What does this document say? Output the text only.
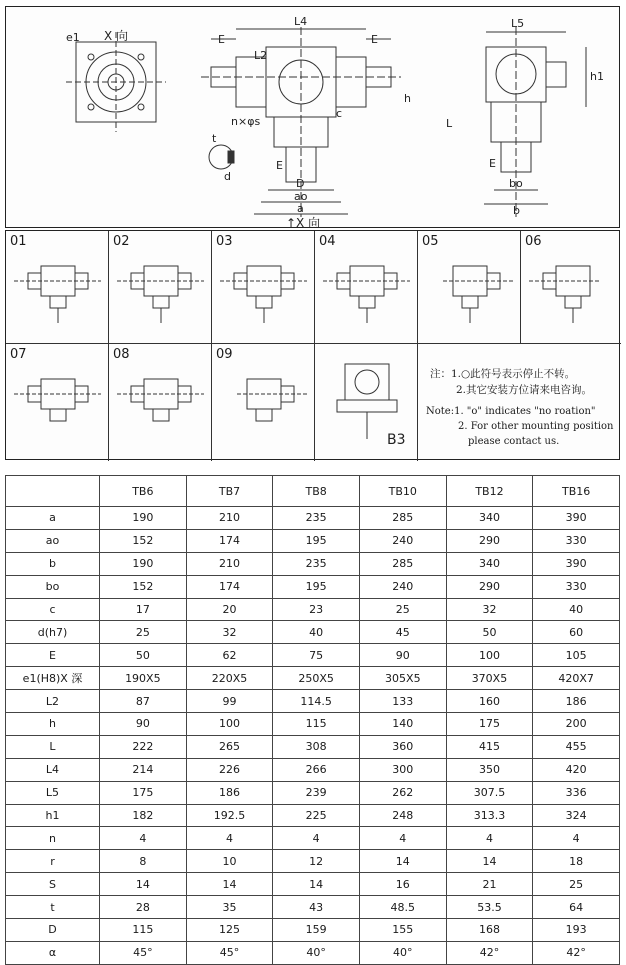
e1 X 向	E
L4
E
L2
h
c
n×φs
t
d
E
D
ao
a
↑X 向
L5
h1
L
E
bo
b
01	02	03	04	05	06
07	08	09
B3
注：1.○此符号表示停止不转。
2.其它安装方位请来电咨询。
Note:1. "o" indicates "no roation"
2. For other mounting position
please contact us.
	TB6	TB7	TB8	TB10	TB12	TB16
a	190	210	235	285	340	390
ao	152	174	195	240	290	330
b	190	210	235	285	340	390
bo	152	174	195	240	290	330
c	17	20	23	25	32	40
d(h7)	25	32	40	45	50	60
E	50	62	75	90	100	105
e1(H8)X 深	190X5	220X5	250X5	305X5	370X5	420X7
L2	87	99	114.5	133	160	186
h	90	100	115	140	175	200
L	222	265	308	360	415	455
L4	214	226	266	300	350	420
L5	175	186	239	262	307.5	336
h1	182	192.5	225	248	313.3	324
n	4	4	4	4	4	4
r	8	10	12	14	14	18
S	14	14	14	16	21	25
t	28	35	43	48.5	53.5	64
D	115	125	159	155	168	193
α	45°	45°	40°	40°	42°	42°
